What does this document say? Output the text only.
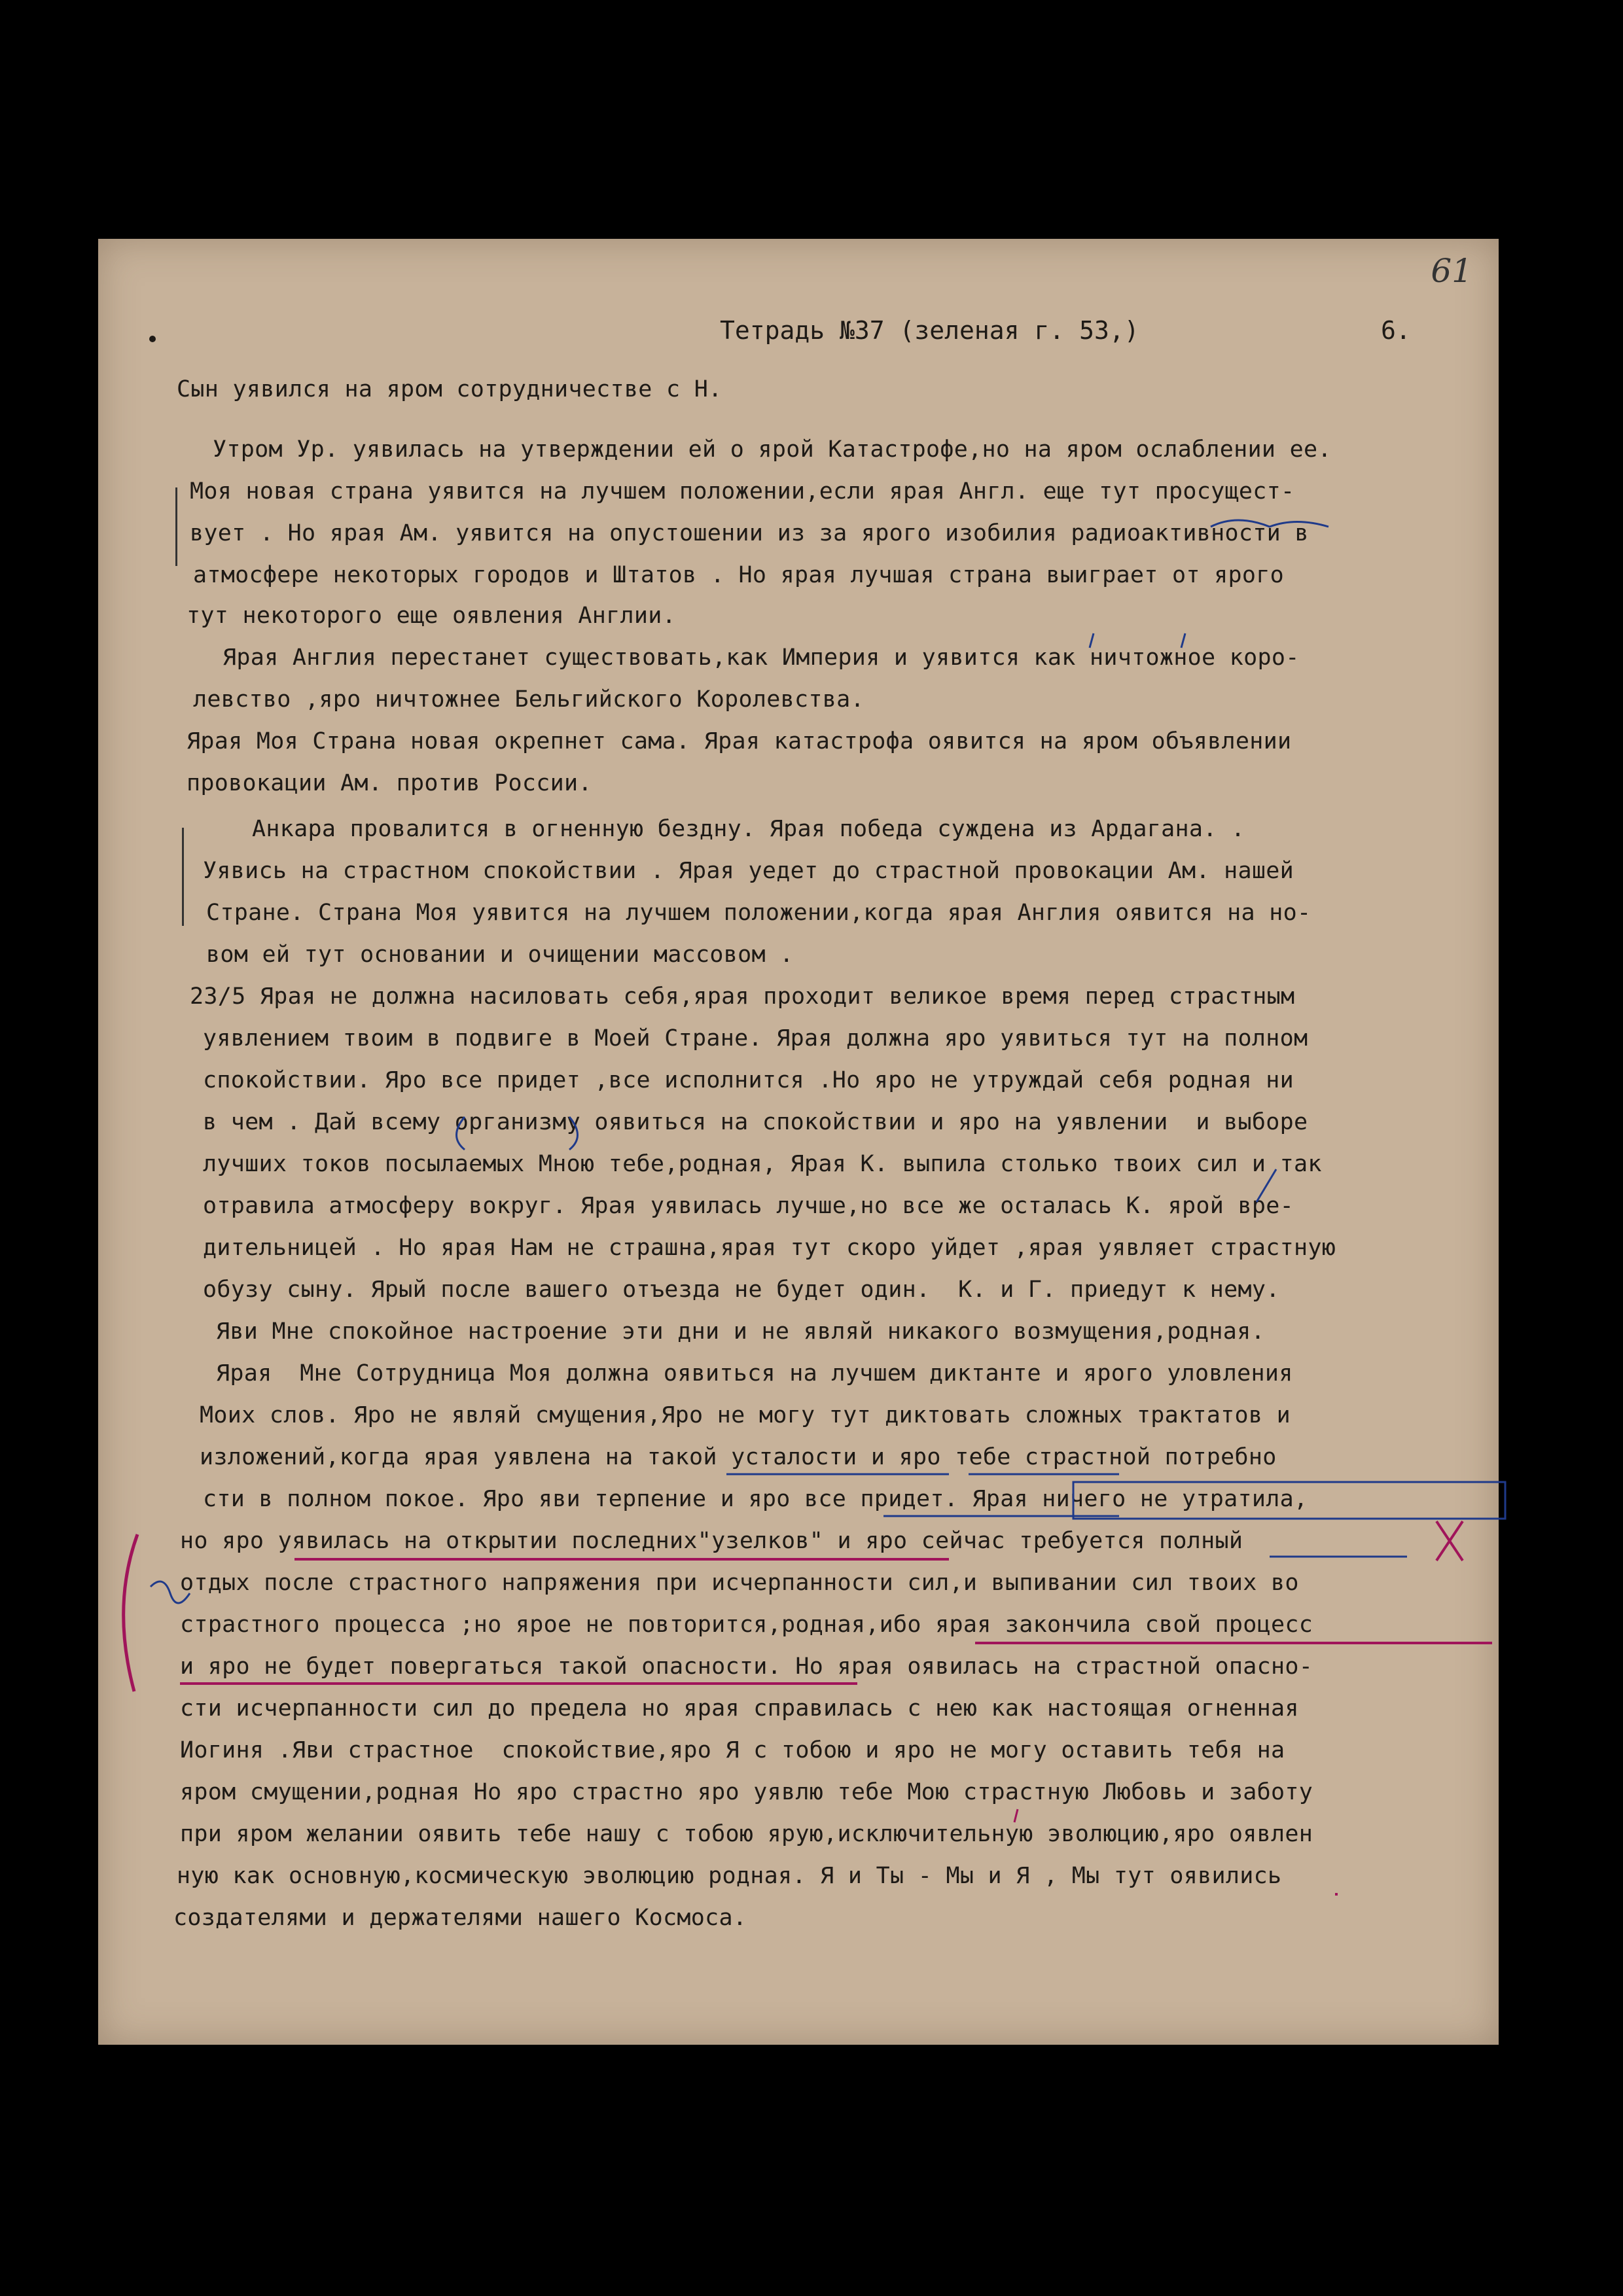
61
Тетрадь №37 (зеленая г. 53,)	6.
Сын уявился на яром сотрудничестве с Н.
Утром Ур. уявилась на утверждении ей о ярой Катастрофе,но на яром ослаблении ее.
Моя новая страна уявится на лучшем положении,если ярая Англ. еще тут просущест-
вует . Но ярая Ам. уявится на опустошении из за ярого изобилия радиоактивности в
атмосфере некоторых городов и Штатов . Но ярая лучшая страна выиграет от ярого
тут некоторого еще оявления Англии.
Ярая Англия перестанет существовать,как Империя и уявится как ничтожное коро-
левство ,яро ничтожнее Бельгийского Королевства.
Ярая Моя Страна новая окрепнет сама. Ярая катастрофа оявится на яром объявлении
провокации Ам. против России.
Анкара провалится в огненную бездну. Ярая победа суждена из Ардагана. .
Уявись на страстном спокойствии . Ярая уедет до страстной провокации Ам. нашей
Стране. Страна Моя уявится на лучшем положении,когда ярая Англия оявится на но-
вом ей тут основании и очищении массовом .
23/5 Ярая не должна насиловать себя,ярая проходит великое время перед страстным
уявлением твоим в подвиге в Моей Стране. Ярая должна яро уявиться тут на полном
спокойствии. Яро все придет ,все исполнится .Но яро не утруждай себя родная ни
в чем . Дай всему организму оявиться на спокойствии и яро на уявлении  и выборе
лучших токов посылаемых Мною тебе,родная, Ярая К. выпила столько твоих сил и так
отравила атмосферу вокруг. Ярая уявилась лучше,но все же осталась К. ярой вре-
дительницей . Но ярая Нам не страшна,ярая тут скоро уйдет ,ярая уявляет страстную
обузу сыну. Ярый после вашего отъезда не будет один.  К. и Г. приедут к нему.
Яви Мне спокойное настроение эти дни и не являй никакого возмущения,родная.
Ярая  Мне Сотрудница Моя должна оявиться на лучшем диктанте и ярого уловления
Моих слов. Яро не являй смущения,Яро не могу тут диктовать сложных трактатов и
изложений,когда ярая уявлена на такой усталости и яро тебе страстной потребно
сти в полном покое. Яро яви терпение и яро все придет. Ярая ничего не утратила,
но яро уявилась на открытии последних"узелков" и яро сейчас требуется полный
отдых после страстного напряжения при исчерпанности сил,и выпивании сил твоих во
страстного процесса ;но ярое не повторится,родная,ибо ярая закончила свой процесс
и яро не будет повергаться такой опасности. Но ярая оявилась на страстной опасно-
сти исчерпанности сил до предела но ярая справилась с нею как настоящая огненная
Иогиня .Яви страстное  спокойствие,яро Я с тобою и яро не могу оставить тебя на
яром смущении,родная Но яро страстно яро уявлю тебе Мою страстную Любовь и заботу
при яром желании оявить тебе нашу с тобою ярую,исключительную эволюцию,яро оявлен
ную как основную,космическую эволюцию родная. Я и Ты - Мы и Я , Мы тут оявились
создателями и держателями нашего Космоса.
